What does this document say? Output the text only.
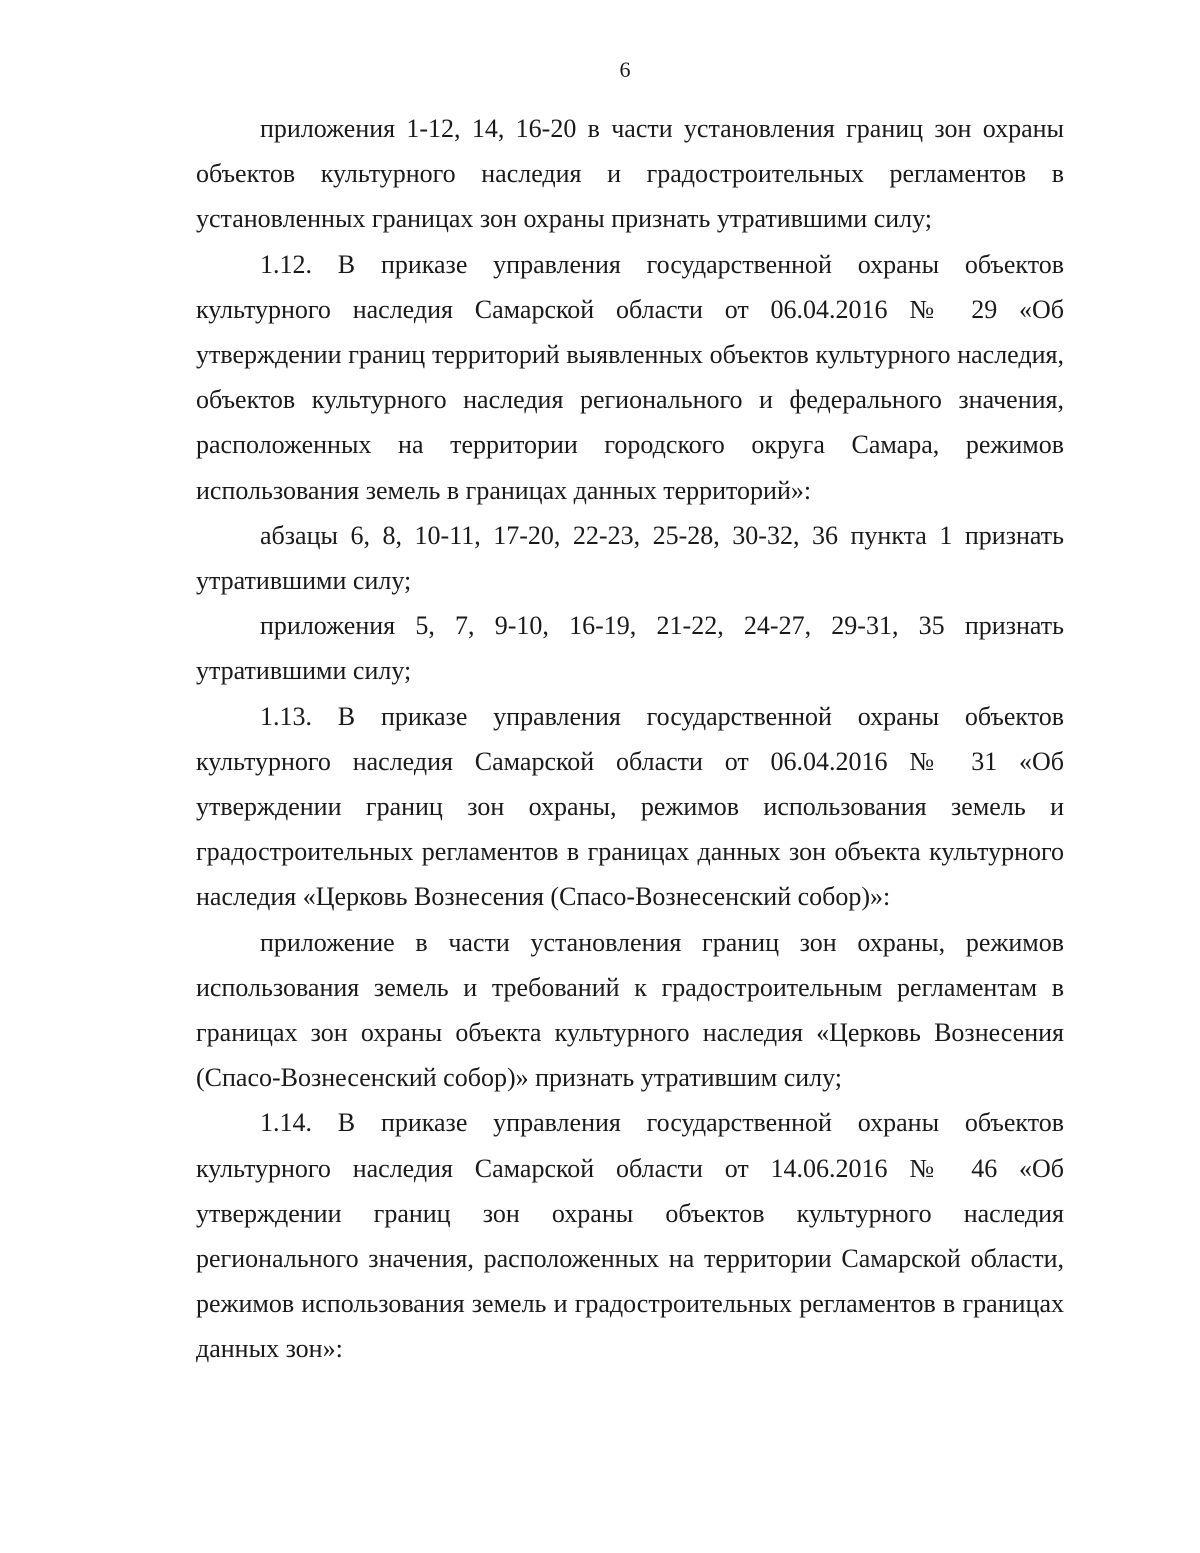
6

приложения 1-12, 14, 16-20 в части установления границ зон охраны объектов культурного наследия и градостроительных регламентов в установленных границах зон охраны признать утратившими силу;

1.12. В приказе управления государственной охраны объектов культурного наследия Самарской области от 06.04.2016 № 29 «Об утверждении границ территорий выявленных объектов культурного наследия, объектов культурного наследия регионального и федерального значения, расположенных на территории городского округа Самара, режимов использования земель в границах данных территорий»:

абзацы 6, 8, 10-11, 17-20, 22-23, 25-28, 30-32, 36 пункта 1 признать утратившими силу;

приложения 5, 7, 9-10, 16-19, 21-22, 24-27, 29-31, 35 признать утратившими силу;

1.13. В приказе управления государственной охраны объектов культурного наследия Самарской области от 06.04.2016 № 31 «Об утверждении границ зон охраны, режимов использования земель и градостроительных регламентов в границах данных зон объекта культурного наследия «Церковь Вознесения (Спасо-Вознесенский собор)»:

приложение в части установления границ зон охраны, режимов использования земель и требований к градостроительным регламентам в границах зон охраны объекта культурного наследия «Церковь Вознесения (Спасо-Вознесенский собор)» признать утратившим силу;

1.14. В приказе управления государственной охраны объектов культурного наследия Самарской области от 14.06.2016 № 46 «Об утверждении границ зон охраны объектов культурного наследия регионального значения, расположенных на территории Самарской области, режимов использования земель и градостроительных регламентов в границах данных зон»:
